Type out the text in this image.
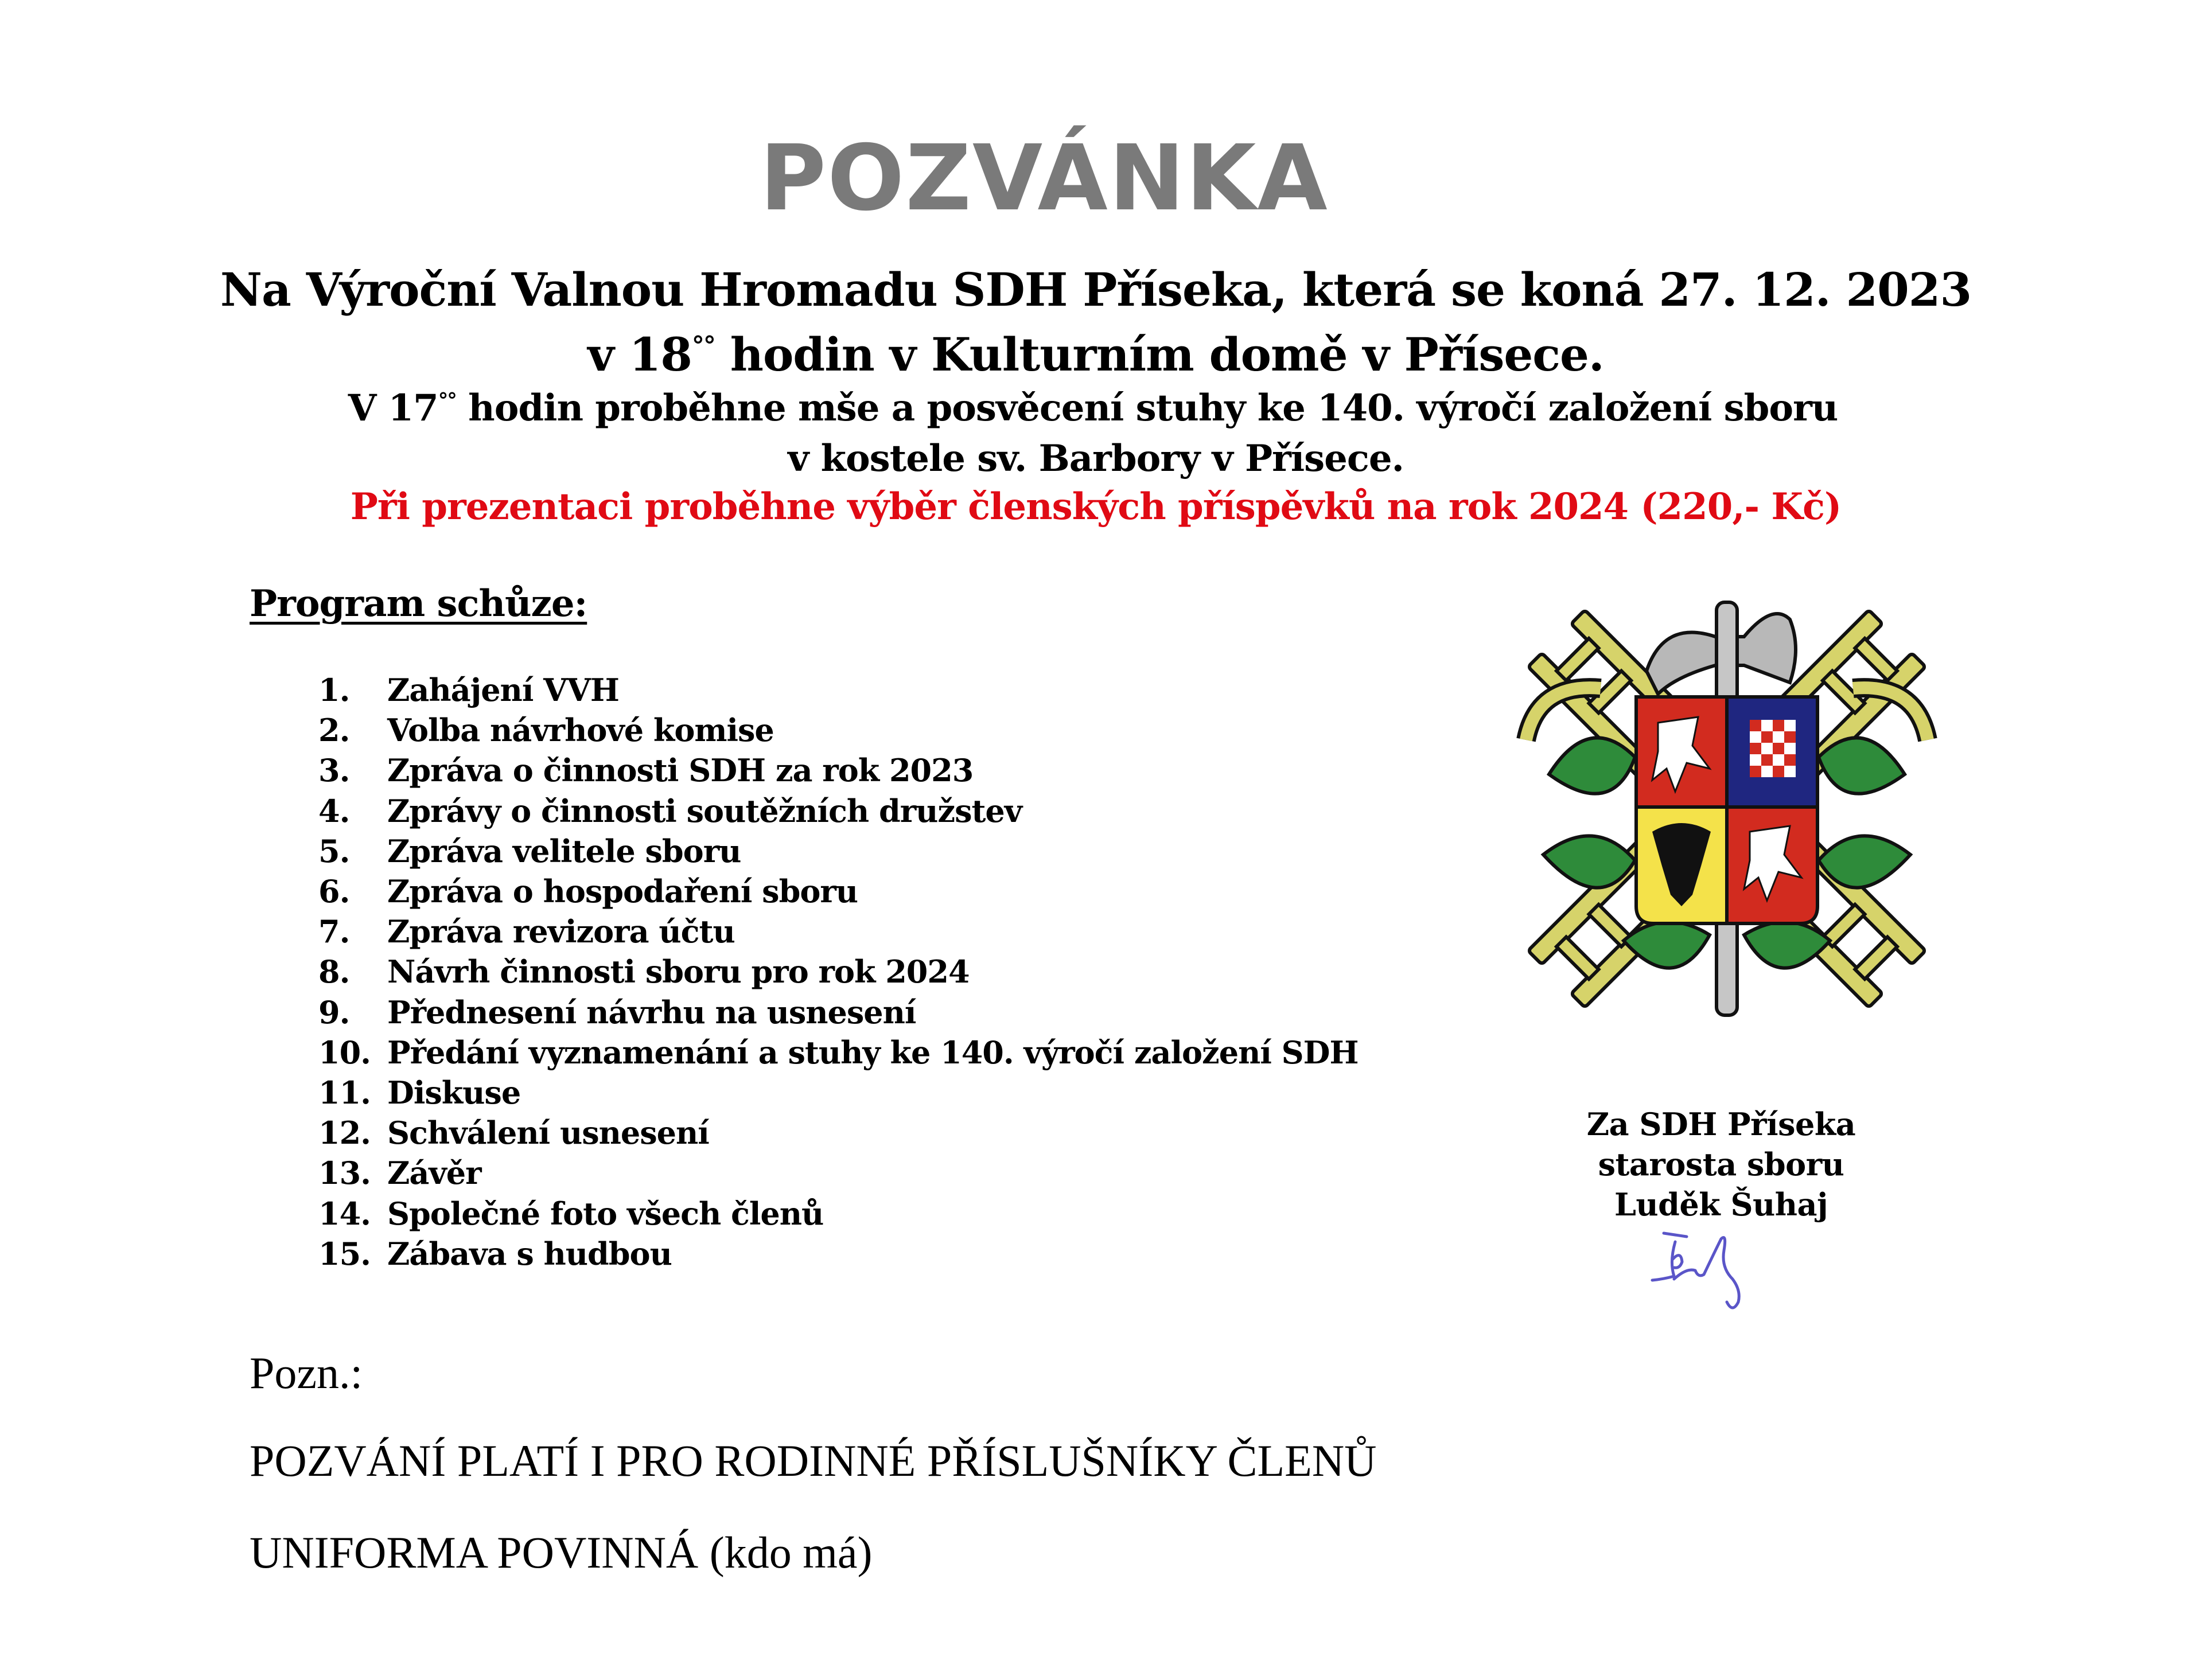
POZVÁNKA
Na Výroční Valnou Hromadu SDH Příseka, která se koná 27. 12. 2023
v 18°° hodin v Kulturním domě v Přísece.
V 17°° hodin proběhne mše a posvěcení stuhy ke 140. výročí založení sboru
v kostele sv. Barbory v Přísece.
Při prezentaci proběhne výběr členských příspěvků na rok 2024 (220,- Kč)
Program schůze:
1.	Zahájení VVH
2.	Volba návrhové komise
3.	Zpráva o činnosti SDH za rok 2023
4.	Zprávy o činnosti soutěžních družstev
5.	Zpráva velitele sboru
6.	Zpráva o hospodaření sboru
7.	Zpráva revizora účtu
8.	Návrh činnosti sboru pro rok 2024
9.	Přednesení návrhu na usnesení
10. Předání vyznamenání a stuhy ke 140. výročí založení SDH
11. Diskuse
12. Schválení usnesení
13. Závěr
14. Společné foto všech členů
15. Zábava s hudbou
Za SDH Příseka
starosta sboru
Luděk Šuhaj
Pozn.:
POZVÁNÍ PLATÍ I PRO RODINNÉ PŘÍSLUŠNÍKY ČLENŮ
UNIFORMA POVINNÁ (kdo má)
